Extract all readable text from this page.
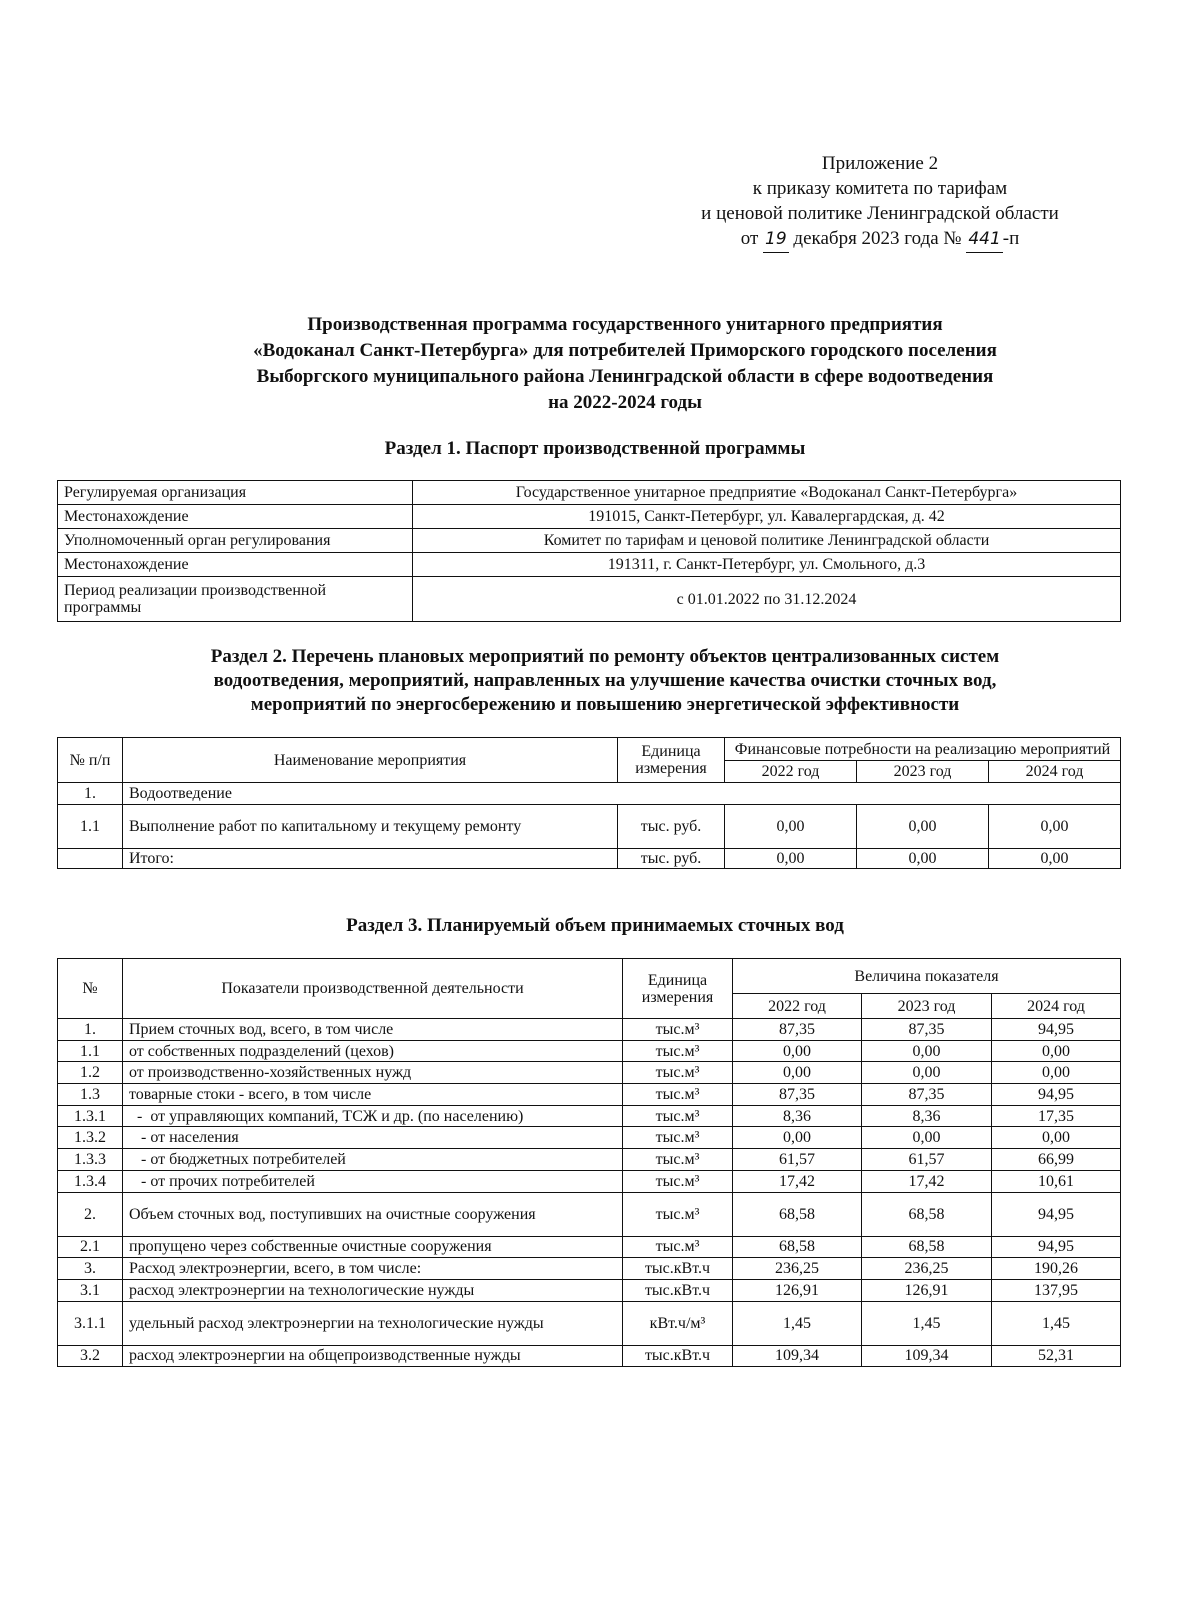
Приложение 2
к приказу комитета по тарифам
и ценовой политике Ленинградской области
от 19 декабря 2023 года № 441 -п
Производственная программа государственного унитарного предприятия
«Водоканал Санкт-Петербурга» для потребителей Приморского городского поселения
Выборгского муниципального района Ленинградской области в сфере водоотведения
на 2022-2024 годы
Раздел 1. Паспорт производственной программы
Регулируемая организация	Государственное унитарное предприятие «Водоканал Санкт-Петербурга»
Местонахождение	191015, Санкт-Петербург, ул. Кавалергардская, д. 42
Уполномоченный орган регулирования	Комитет по тарифам и ценовой политике Ленинградской области
Местонахождение	191311, г. Санкт-Петербург, ул. Смольного, д.3
Период реализации производственной программы	с 01.01.2022 по 31.12.2024
Раздел 2. Перечень плановых мероприятий по ремонту объектов централизованных систем
водоотведения, мероприятий, направленных на улучшение качества очистки сточных вод,
мероприятий по энергосбережению и повышению энергетической эффективности
№ п/п	Наименование мероприятия	Единица измерения	Финансовые потребности на реализацию мероприятий		
			2022 год	2023 год	2024 год
1.	Водоотведение				
1.1	Выполнение работ по капитальному и текущему ремонту	тыс. руб.	0,00	0,00	0,00
	Итого:	тыс. руб.	0,00	0,00	0,00
Раздел 3. Планируемый объем принимаемых сточных вод
№	Показатели производственной деятельности	Единица измерения	Величина показателя		
			2022 год	2023 год	2024 год
1.	Прием сточных вод, всего, в том числе	тыс.м³	87,35	87,35	94,95
1.1	от собственных подразделений (цехов)	тыс.м³	0,00	0,00	0,00
1.2	от производственно-хозяйственных нужд	тыс.м³	0,00	0,00	0,00
1.3	товарные стоки - всего, в том числе	тыс.м³	87,35	87,35	94,95
1.3.1	-  от управляющих компаний, ТСЖ и др. (по населению)	тыс.м³	8,36	8,36	17,35
1.3.2	- от населения	тыс.м³	0,00	0,00	0,00
1.3.3	- от бюджетных потребителей	тыс.м³	61,57	61,57	66,99
1.3.4	- от прочих потребителей	тыс.м³	17,42	17,42	10,61
2.	Объем сточных вод, поступивших на очистные сооружения	тыс.м³	68,58	68,58	94,95
2.1	пропущено через собственные очистные сооружения	тыс.м³	68,58	68,58	94,95
3.	Расход электроэнергии, всего, в том числе:	тыс.кВт.ч	236,25	236,25	190,26
3.1	расход электроэнергии на технологические нужды	тыс.кВт.ч	126,91	126,91	137,95
3.1.1	удельный расход электроэнергии на технологические нужды	кВт.ч/м³	1,45	1,45	1,45
3.2	расход электроэнергии на общепроизводственные нужды	тыс.кВт.ч	109,34	109,34	52,31
